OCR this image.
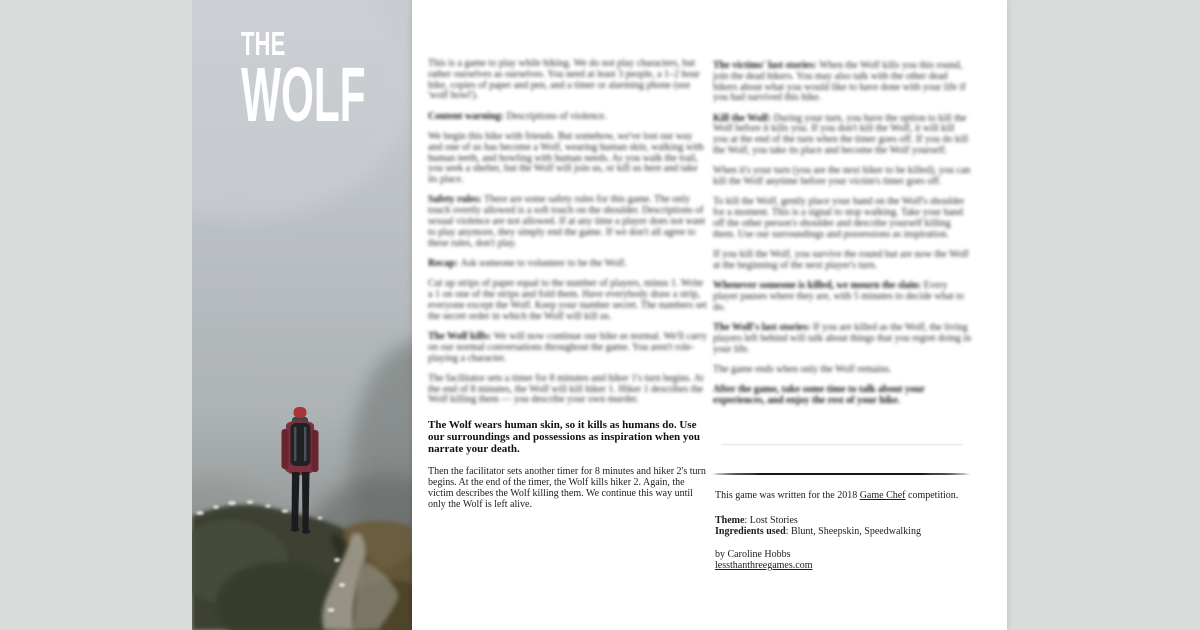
THE
WOLF	This is a game to play while hiking. We do not play characters, but rather ourselves as ourselves. You need at least 3 people, a 1–2 hour hike, copies of paper and pen, and a timer or alarming phone (use 'wolf howl').

Content warning: Descriptions of violence.

We begin this hike with friends. But somehow, we've lost our way and one of us has become a Wolf, wearing human skin, walking with human teeth, and howling with human needs. As you walk the trail, you seek a shelter, but the Wolf will join us, or kill us here and take its place.

Safety rules: There are some safety rules for this game. The only touch overtly allowed is a soft touch on the shoulder. Descriptions of sexual violence are not allowed. If at any time a player does not want to play anymore, they simply end the game. If we don't all agree to these rules, don't play.

Recap: Ask someone to volunteer to be the Wolf.

Cut up strips of paper equal to the number of players, minus 1. Write a 1 on one of the strips and fold them. Have everybody draw a strip, everyone except the Wolf. Keep your number secret. The numbers set the secret order in which the Wolf will kill us.

The Wolf kills: We will now continue our hike as normal. We'll carry on our normal conversations throughout the game. You aren't role-playing a character.

The facilitator sets a timer for 8 minutes and hiker 1's turn begins. At the end of 8 minutes, the Wolf will kill hiker 1. Hiker 1 describes the Wolf killing them — you describe your own murder.

The Wolf wears human skin, so it kills as humans do. Use our surroundings and possessions as inspiration when you narrate your death.

Then the facilitator sets another timer for 8 minutes and hiker 2's turn begins. At the end of the timer, the Wolf kills hiker 2. Again, the victim describes the Wolf killing them. We continue this way until only the Wolf is left alive.

The victims' last stories: When the Wolf kills you this round, join the dead hikers. You may also talk with the other dead hikers about what you would like to have done with your life if you had survived this hike.

Kill the Wolf: During your turn, you have the option to kill the Wolf before it kills you. If you don't kill the Wolf, it will kill you at the end of the turn when the timer goes off. If you do kill the Wolf, you take its place and become the Wolf yourself.

When it's your turn (you are the next hiker to be killed), you can kill the Wolf anytime before your victim's timer goes off.

To kill the Wolf, gently place your hand on the Wolf's shoulder for a moment. This is a signal to stop walking. Take your hand off the other person's shoulder and describe yourself killing them. Use our surroundings and possessions as inspiration.

If you kill the Wolf, you survive the round but are now the Wolf at the beginning of the next player's turn.

Whenever someone is killed, we mourn the slain: Every player pauses where they are, with 5 minutes to decide what to do.

The Wolf's last stories: If you are killed as the Wolf, the living players left behind will talk about things that you regret doing in your life.

The game ends when only the Wolf remains.

After the game, take some time to talk about your experiences, and enjoy the rest of your hike.

This game was written for the 2018 Game Chef competition.

Theme: Lost Stories

Ingredients used: Blunt, Sheepskin, Speedwalking

by Caroline Hobbs

lessthanthreegames.com
